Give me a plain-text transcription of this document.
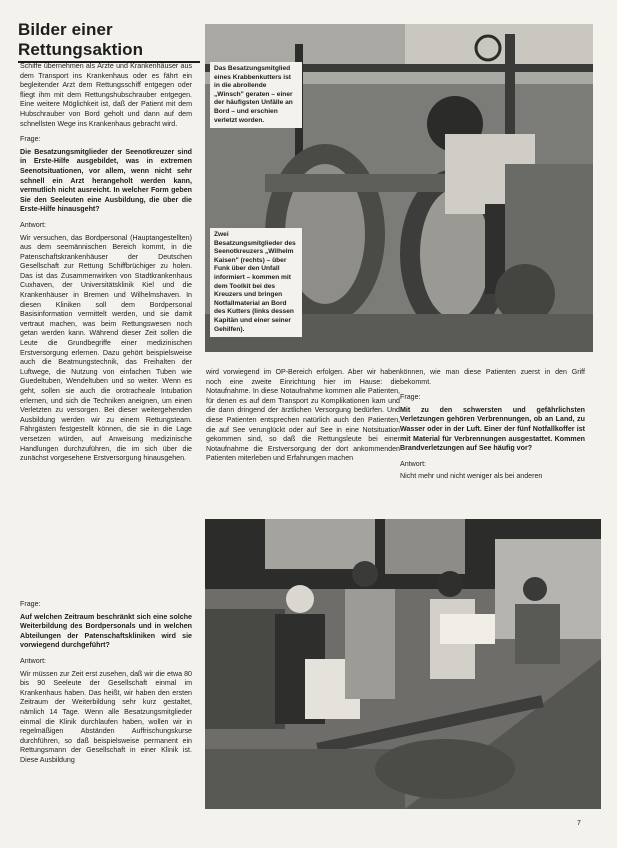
Bilder einer Rettungsaktion

Schiffe übernehmen als Ärzte und Krankenhäuser aus dem Transport ins Krankenhaus oder es fährt ein begleitender Arzt dem Rettungsschiff entgegen oder fliegt ihm mit dem Rettungshubschrauber entgegen. Eine weitere Möglichkeit ist, daß der Patient mit dem Hubschrauber von Bord geholt und dann auf dem schnellsten Wege ins Krankenhaus gebracht wird.

Frage:

Die Besatzungsmitglieder der Seenotkreuzer sind in Erste-Hilfe ausgebildet, was in extremen Seenotsituationen, vor allem, wenn nicht sehr schnell ein Arzt herangeholt werden kann, vermutlich nicht ausreicht. In welcher Form geben Sie den Seeleuten eine Ausbildung, die über die Erste-Hilfe hinausgeht?

Antwort:

Wir versuchen, das Bordpersonal (Hauptangestellten) aus dem seemännischen Bereich kommt, in die Patenschaftskrankenhäuser der Deutschen Gesellschaft zur Rettung Schiffbrüchiger zu holen. Das ist das Zusammenwirken von Stadtkrankenhaus Cuxhaven, der Universitätsklinik Kiel und die Krankenhäuser in Bremen und Wilhelmshaven. In diesen Kliniken soll dem Bordpersonal Basisinformation vermittelt werden, und sie damit vertraut machen, was beim Rettungswesen noch getan werden kann. Während dieser Zeit sollen die Leute die Grundbegriffe einer medizinischen Erstversorgung erlernen. Dazu gehört beispielsweise auch die Beatmungstechnik, das Freihalten der Luftwege, die Nutzung von einfachen Tuben wie Guedeltuben, Wendeltuben und so weiter. Wenn es geht, sollen sie auch die orotracheale Intubation erlernen, und sich die Techniken aneignen, um einen Verletzten zu versorgen. Bei dieser weitergehenden Ausbildung werden wir zu einem Rettungsteam. Fährgästen festgestellt können, die sie in die Lage versetzen würden, auf Anweisung medizinische Handlungen durchzuführen, die im sich über die zunächst vorgesehene Erstversorgung hinausgehen.

Frage:

Auf welchen Zeitraum beschränkt sich eine solche Weiterbildung des Bordpersonals und in welchen Abteilungen der Patenschaftskliniken wird sie vorwiegend durchgeführt?

Antwort:

Wir müssen zur Zeit erst zusehen, daß wir die etwa 80 bis 90 Seeleute der Gesellschaft einmal im Krankenhaus haben. Das heißt, wir haben den ersten Zeitraum der Weiterbildung sehr kurz gestaltet, nämlich 14 Tage. Wenn alle Besatzungsmitglieder einmal die Klinik durchlaufen haben, wollen wir in regelmäßigen Abständen Auffrischungskurse durchführen, so daß beispielsweise permanent ein Rettungsmann der Gesellschaft in einer Klinik ist. Diese Ausbildung

Das Besatzungsmitglied eines Krabbenkutters ist in die abrollende „Winsch" geraten – einer der häufigsten Unfälle an Bord – und erschien verletzt worden.
Zwei Besatzungsmitglieder des Seenotkreuzers „Wilhelm Kaisen" (rechts) – über Funk über den Unfall informiert – kommen mit dem Toolkit bei des Kreuzers und bringen Notfallmaterial an Bord des Kutters (links dessen Kapitän und einer seiner Gehilfen).

wird vorwiegend im OP-Bereich erfolgen. Aber wir haben noch eine zweite Einrichtung hier im Hause: die Notaufnahme. In diese Notaufnahme kommen alle Patienten, für denen es auf dem Transport zu Komplikationen kam und die dann dringend der ärztlichen Versorgung bedürfen. Und diese Patienten entsprechen natürlich auch den Patienten, die auf See verunglückt oder auf See in eine Notsituation gekommen sind, so daß die Rettungsleute bei einer Notaufnahme die Erstversorgung der dort ankommenden Patienten miterleben und Erfahrungen machen

können, wie man diese Patienten zuerst in den Griff bekommt.

Frage:

Mit zu den schwersten und gefährlichsten Verletzungen gehören Verbrennungen, ob an Land, zu Wasser oder in der Luft. Einer der fünf Notfallkoffer ist mit Material für Verbrennungen ausgestattet. Kommen Brandverletzungen auf See häufig vor?

Antwort:

Nicht mehr und nicht weniger als bei anderen

7
